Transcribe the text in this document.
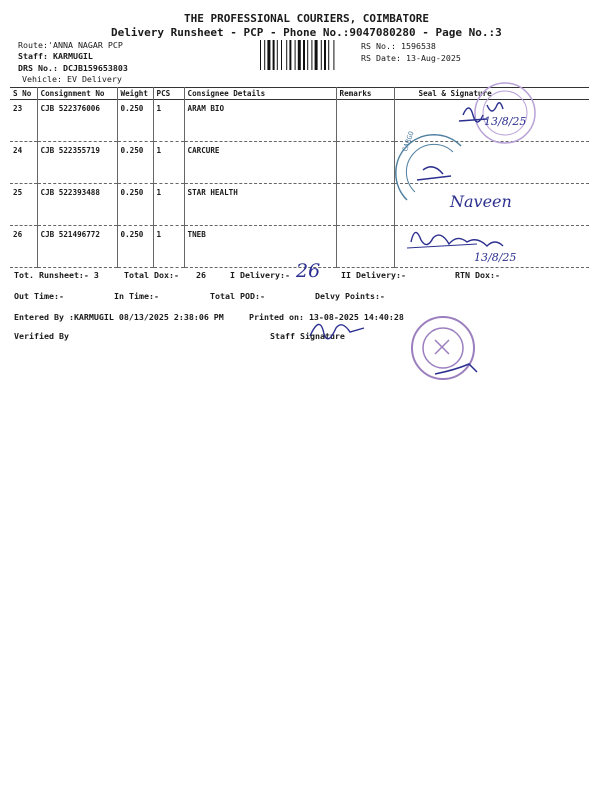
THE PROFESSIONAL COURIERS, COIMBATORE
Delivery Runsheet - PCP - Phone No.:9047080280 - Page No.:3
Route:'ANNA NAGAR PCP
Staff: KARMUGIL
DRS No.: DCJB159653803
Vehicle: EV Delivery
RS No.: 1596538
RS Date: 13-Aug-2025
S No	Consignment No	Weight	PCS	Consignee Details	Remarks	Seal & Signature
23	CJB 522376006	0.250	1	ARAM BIO		
24	CJB 522355719	0.250	1	CARCURE		
25	CJB 522393488	0.250	1	STAR HEALTH		
26	CJB 521496772	0.250	1	TNEB		
Tot. Runsheet:- 3	Total Dox:- 26	I Delivery:- 26	II Delivery:-	RTN Dox:-
Out Time:-	In Time:-	Total POD:-	Delvy Points:-
Entered By :KARMUGIL 08/13/2025 2:38:06 PM	Printed on: 13-08-2025 14:40:28
Verified By	Staff Signature
13/8/25
CARGO
Naveen
13/8/25
